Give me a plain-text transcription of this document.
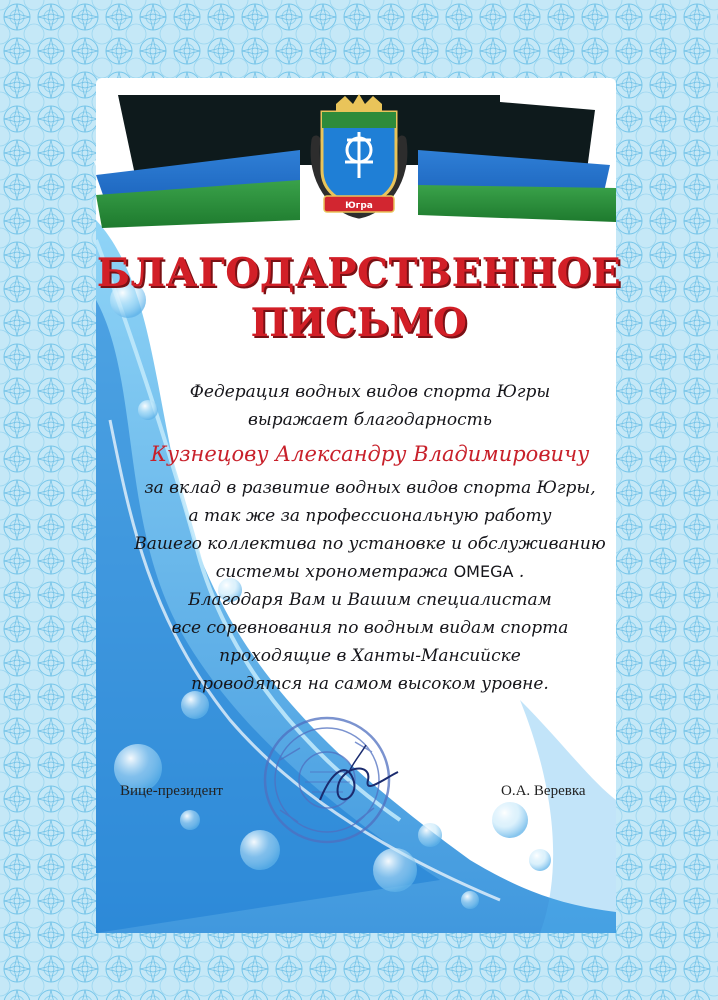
Югра
БЛАГОДАРСТВЕННОЕ
ПИСЬМО
Федерация водных видов спорта Югры
выражает благодарность
Кузнецову Александру Владимировичу
за вклад в развитие водных видов спорта Югры,
а так же за профессиональную работу
Вашего коллектива по установке и обслуживанию
системы хронометража OMEGA .
Благодаря Вам и Вашим специалистам
все соревнования по водным видам спорта
проходящие в Ханты-Мансийске
проводятся на самом высоком уровне.
Вице-президент	О.А. Веревка
